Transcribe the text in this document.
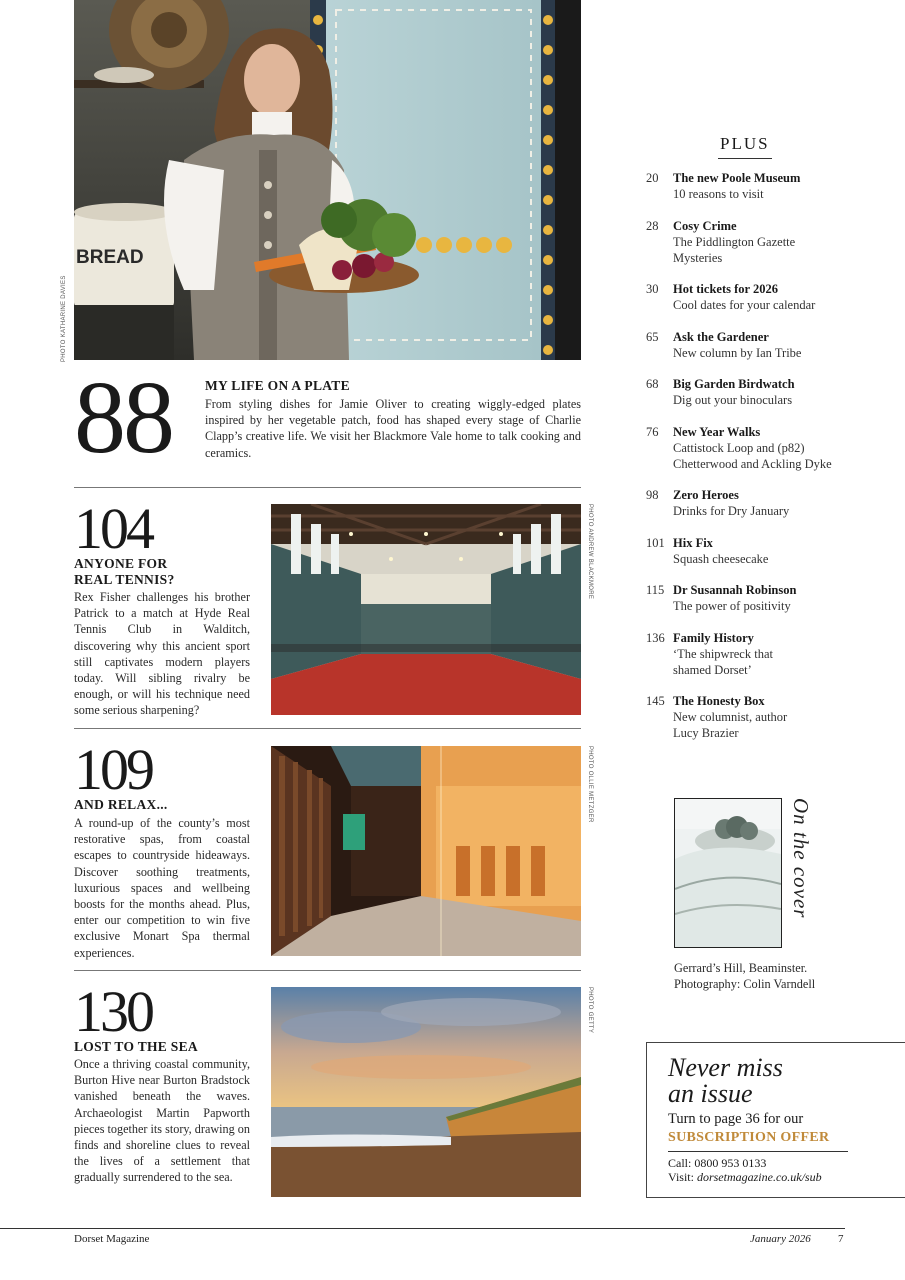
BREAD
PHOTO KATHARINE DAVIES
88 MY LIFE ON A PLATE
From styling dishes for Jamie Oliver to creating wiggly-edged plates inspired by her vegetable patch, food has shaped every stage of Charlie Clapp’s creative life. We visit her Blackmore Vale home to talk cooking and ceramics.
104
ANYONE FOR REAL TENNIS?
Rex Fisher challenges his brother Patrick to a match at Hyde Real Tennis Club in Walditch, discovering why this ancient sport still captivates modern players today. Will sibling rivalry be enough, or will his technique need some serious sharpening?
PHOTO ANDREW BLACKMORE
109
AND RELAX...
A round-up of the county’s most restorative spas, from coastal escapes to countryside hideaways. Discover soothing treatments, luxurious spaces and wellbeing boosts for the months ahead. Plus, enter our competition to win five exclusive Monart Spa thermal experiences.
PHOTO OLLIE METZGER
130
LOST TO THE SEA
Once a thriving coastal community, Burton Hive near Burton Bradstock vanished beneath the waves. Archaeologist Martin Papworth pieces together its story, drawing on finds and shoreline clues to reveal the lives of a settlement that gradually surrendered to the sea.
PHOTO GETTY
PLUS
20	The new Poole Museum
10 reasons to visit
28	Cosy Crime
The Piddlington Gazette Mysteries
30	Hot tickets for 2026
Cool dates for your calendar
65	Ask the Gardener
New column by Ian Tribe
68	Big Garden Birdwatch
Dig out your binoculars
76	New Year Walks
Cattistock Loop and (p82) Chetterwood and Ackling Dyke
98	Zero Heroes
Drinks for Dry January
101 Hix Fix
Squash cheesecake
115 Dr Susannah Robinson
The power of positivity
136 Family History
‘The shipwreck that shamed Dorset’
145 The Honesty Box
New columnist, author Lucy Brazier
On the cover
Gerrard’s Hill, Beaminster.
Photography: Colin Varndell
Never miss
an issue
Turn to page 36 for our
SUBSCRIPTION OFFER
Call: 0800 953 0133
Visit: dorsetmagazine.co.uk/sub
Dorset Magazine	January 2026 7
